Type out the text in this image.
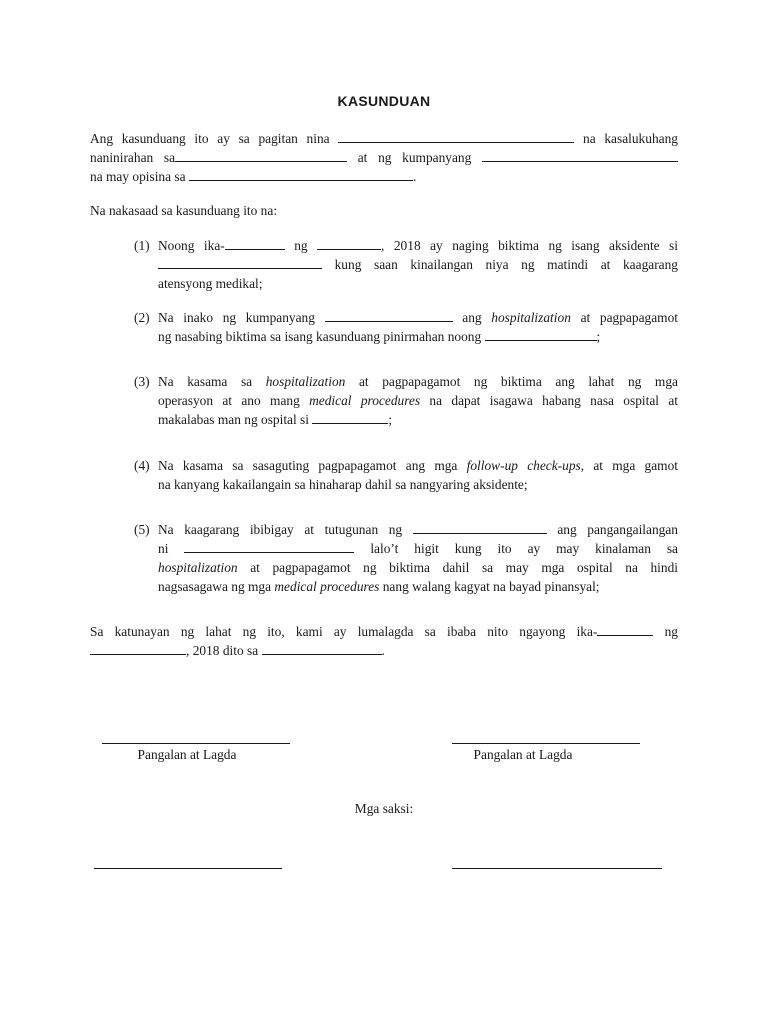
KASUNDUAN
Ang kasunduang ito ay sa pagitan nina	na kasalukuhang
naninirahan sa	at ng kumpanyang
na may opisina sa	.
Na nakasaad sa kasunduang ito na:
(1) Noong ika-	ng	, 2018 ay naging biktima ng isang aksidente si
kung saan kinailangan niya ng matindi at kaagarang
atensyong medikal;
(2) Na inako ng kumpanyang	ang hospitalization at pagpapagamot
ng nasabing biktima sa isang kasunduang pinirmahan noong	;
(3) Na kasama sa hospitalization at pagpapagamot ng biktima ang lahat ng mga
operasyon at ano mang medical procedures na dapat isagawa habang nasa ospital at
makalabas man ng ospital si	;
(4) Na kasama sa sasaguting pagpapagamot ang mga follow-up check-ups, at mga gamot
na kanyang kakailangain sa hinaharap dahil sa nangyaring aksidente;
(5) Na kaagarang ibibigay at tutugunan ng	ang pangangailangan
ni	lalo’t higit kung ito ay may kinalaman sa
hospitalization at pagpapagamot ng biktima dahil sa may mga ospital na hindi
nagsasagawa ng mga medical procedures nang walang kagyat na bayad pinansyal;
Sa katunayan ng lahat ng ito, kami ay lumalagda sa ibaba nito ngayong ika-	ng
, 2018 dito sa	.
Pangalan at Lagda	Pangalan at Lagda
Mga saksi:
